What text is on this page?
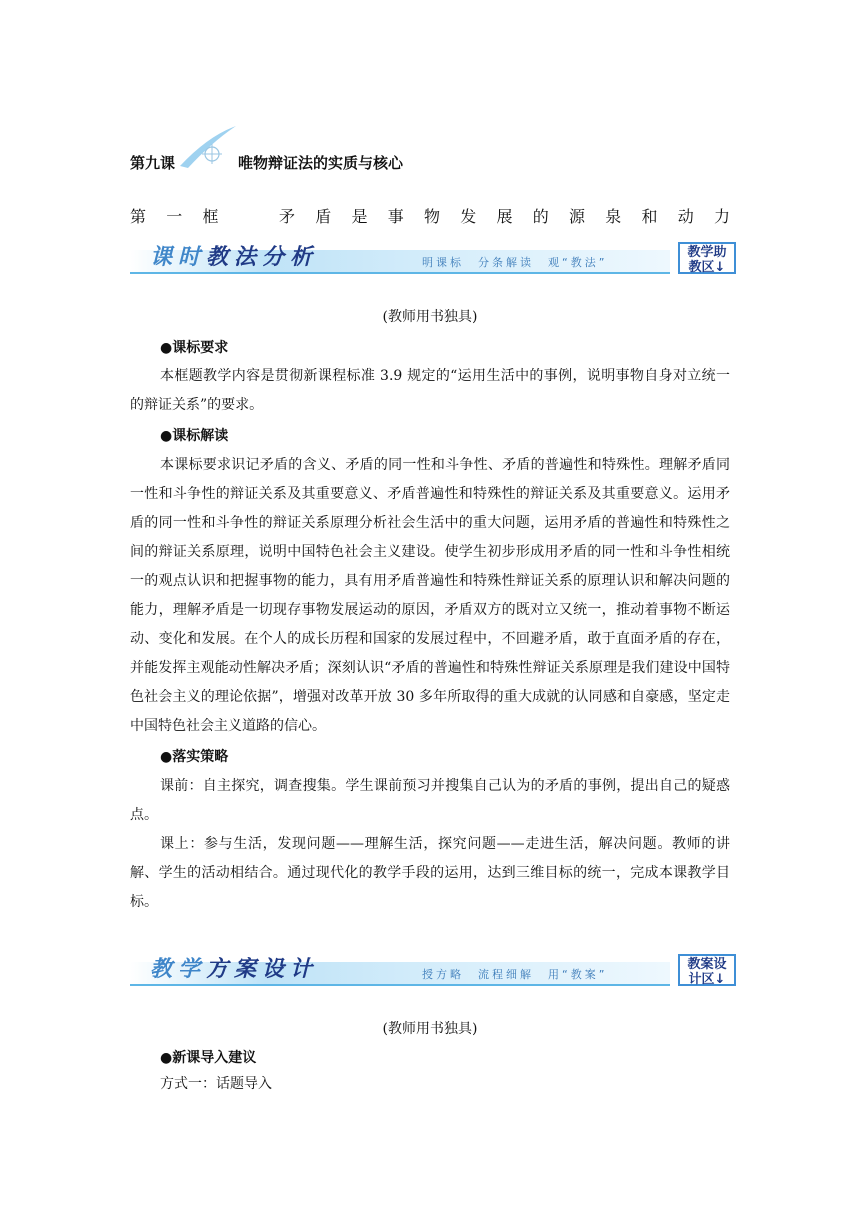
第九课	唯物辩证法的实质与核心
第 一 框	矛 盾 是 事 物 发 展 的 源 泉 和 动 力
课时教法分析	明课标　分条解读　观“教法”
教学助
教区↓
(教师用书独具)
●课标要求
本框题教学内容是贯彻新课程标准 3.9 规定的“运用生活中的事例，说明事物自身对立统一的辩证关系”的要求。
●课标解读
本课标要求识记矛盾的含义、矛盾的同一性和斗争性、矛盾的普遍性和特殊性。理解矛盾同一性和斗争性的辩证关系及其重要意义、矛盾普遍性和特殊性的辩证关系及其重要意义。运用矛盾的同一性和斗争性的辩证关系原理分析社会生活中的重大问题，运用矛盾的普遍性和特殊性之间的辩证关系原理，说明中国特色社会主义建设。使学生初步形成用矛盾的同一性和斗争性相统一的观点认识和把握事物的能力，具有用矛盾普遍性和特殊性辩证关系的原理认识和解决问题的能力，理解矛盾是一切现存事物发展运动的原因，矛盾双方的既对立又统一，推动着事物不断运动、变化和发展。在个人的成长历程和国家的发展过程中，不回避矛盾，敢于直面矛盾的存在，并能发挥主观能动性解决矛盾；深刻认识“矛盾的普遍性和特殊性辩证关系原理是我们建设中国特色社会主义的理论依据”，增强对改革开放 30 多年所取得的重大成就的认同感和自豪感，坚定走中国特色社会主义道路的信心。
●落实策略
课前：自主探究，调查搜集。学生课前预习并搜集自己认为的矛盾的事例，提出自己的疑惑点。
课上：参与生活，发现问题——理解生活，探究问题——走进生活，解决问题。教师的讲解、学生的活动相结合。通过现代化的教学手段的运用，达到三维目标的统一，完成本课教学目标。
教学方案设计	授方略　流程细解　用“教案”
教案设
计区↓
(教师用书独具)
●新课导入建议
方式一：话题导入
